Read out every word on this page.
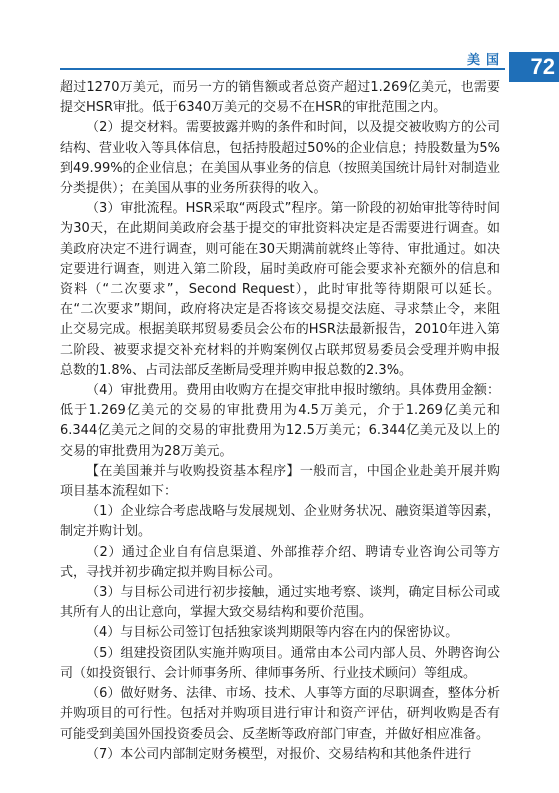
美国 72

超过1270万美元，而另一方的销售额或者总资产超过1.269亿美元，也需要提交HSR审批。低于6340万美元的交易不在HSR的审批范围之内。

（2）提交材料。需要披露并购的条件和时间，以及提交被收购方的公司结构、营业收入等具体信息，包括持股超过50%的企业信息；持股数量为5%到49.99%的企业信息；在美国从事业务的信息（按照美国统计局针对制造业分类提供）；在美国从事的业务所获得的收入。

（3）审批流程。HSR采取“两段式”程序。第一阶段的初始审批等待时间为30天，在此期间美政府会基于提交的审批资料决定是否需要进行调查。如美政府决定不进行调查，则可能在30天期满前就终止等待、审批通过。如决定要进行调查，则进入第二阶段，届时美政府可能会要求补充额外的信息和资料（“二次要求”，Second Request），此时审批等待期限可以延长。在“二次要求”期间，政府将决定是否将该交易提交法庭、寻求禁止令，来阻止交易完成。根据美联邦贸易委员会公布的HSR法最新报告，2010年进入第二阶段、被要求提交补充材料的并购案例仅占联邦贸易委员会受理并购申报总数的1.8%、占司法部反垄断局受理并购申报总数的2.3%。

（4）审批费用。费用由收购方在提交审批申报时缴纳。具体费用金额：低于1.269亿美元的交易的审批费用为4.5万美元，介于1.269亿美元和6.344亿美元之间的交易的审批费用为12.5万美元；6.344亿美元及以上的交易的审批费用为28万美元。

【在美国兼并与收购投资基本程序】一般而言，中国企业赴美开展并购项目基本流程如下：

（1）企业综合考虑战略与发展规划、企业财务状况、融资渠道等因素，制定并购计划。

（2）通过企业自有信息渠道、外部推荐介绍、聘请专业咨询公司等方式，寻找并初步确定拟并购目标公司。

（3）与目标公司进行初步接触，通过实地考察、谈判，确定目标公司或其所有人的出让意向，掌握大致交易结构和要价范围。

（4）与目标公司签订包括独家谈判期限等内容在内的保密协议。

（5）组建投资团队实施并购项目。通常由本公司内部人员、外聘咨询公司（如投资银行、会计师事务所、律师事务所、行业技术顾问）等组成。

（6）做好财务、法律、市场、技术、人事等方面的尽职调查，整体分析并购项目的可行性。包括对并购项目进行审计和资产评估，研判收购是否有可能受到美国外国投资委员会、反垄断等政府部门审查，并做好相应准备。

（7）本公司内部制定财务模型，对报价、交易结构和其他条件进行
